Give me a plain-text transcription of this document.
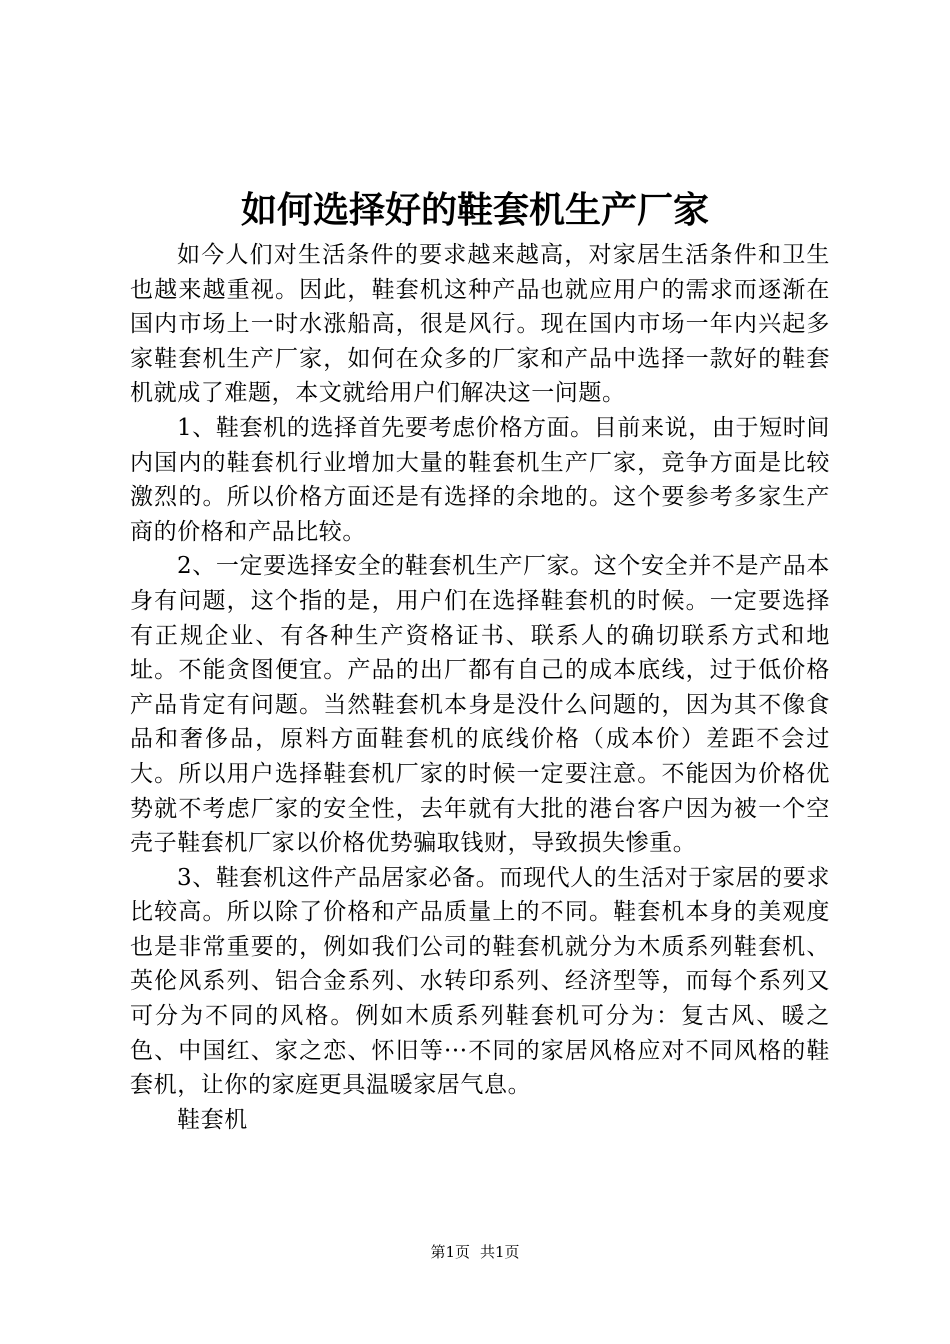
如何选择好的鞋套机生产厂家

如今人们对生活条件的要求越来越高，对家居生活条件和卫生也越来越重视。因此，鞋套机这种产品也就应用户的需求而逐渐在国内市场上一时水涨船高，很是风行。现在国内市场一年内兴起多家鞋套机生产厂家，如何在众多的厂家和产品中选择一款好的鞋套机就成了难题，本文就给用户们解决这一问题。

1、鞋套机的选择首先要考虑价格方面。目前来说，由于短时间内国内的鞋套机行业增加大量的鞋套机生产厂家，竞争方面是比较激烈的。所以价格方面还是有选择的余地的。这个要参考多家生产商的价格和产品比较。

2、一定要选择安全的鞋套机生产厂家。这个安全并不是产品本身有问题，这个指的是，用户们在选择鞋套机的时候。一定要选择有正规企业、有各种生产资格证书、联系人的确切联系方式和地址。不能贪图便宜。产品的出厂都有自己的成本底线，过于低价格产品肯定有问题。当然鞋套机本身是没什么问题的，因为其不像食品和奢侈品，原料方面鞋套机的底线价格（成本价）差距不会过大。所以用户选择鞋套机厂家的时候一定要注意。不能因为价格优势就不考虑厂家的安全性，去年就有大批的港台客户因为被一个空壳子鞋套机厂家以价格优势骗取钱财，导致损失惨重。

3、鞋套机这件产品居家必备。而现代人的生活对于家居的要求比较高。所以除了价格和产品质量上的不同。鞋套机本身的美观度也是非常重要的，例如我们公司的鞋套机就分为木质系列鞋套机、英伦风系列、铝合金系列、水转印系列、经济型等，而每个系列又可分为不同的风格。例如木质系列鞋套机可分为：复古风、暖之色、中国红、家之恋、怀旧等···不同的家居风格应对不同风格的鞋套机，让你的家庭更具温暖家居气息。

鞋套机

第1页 共1页
